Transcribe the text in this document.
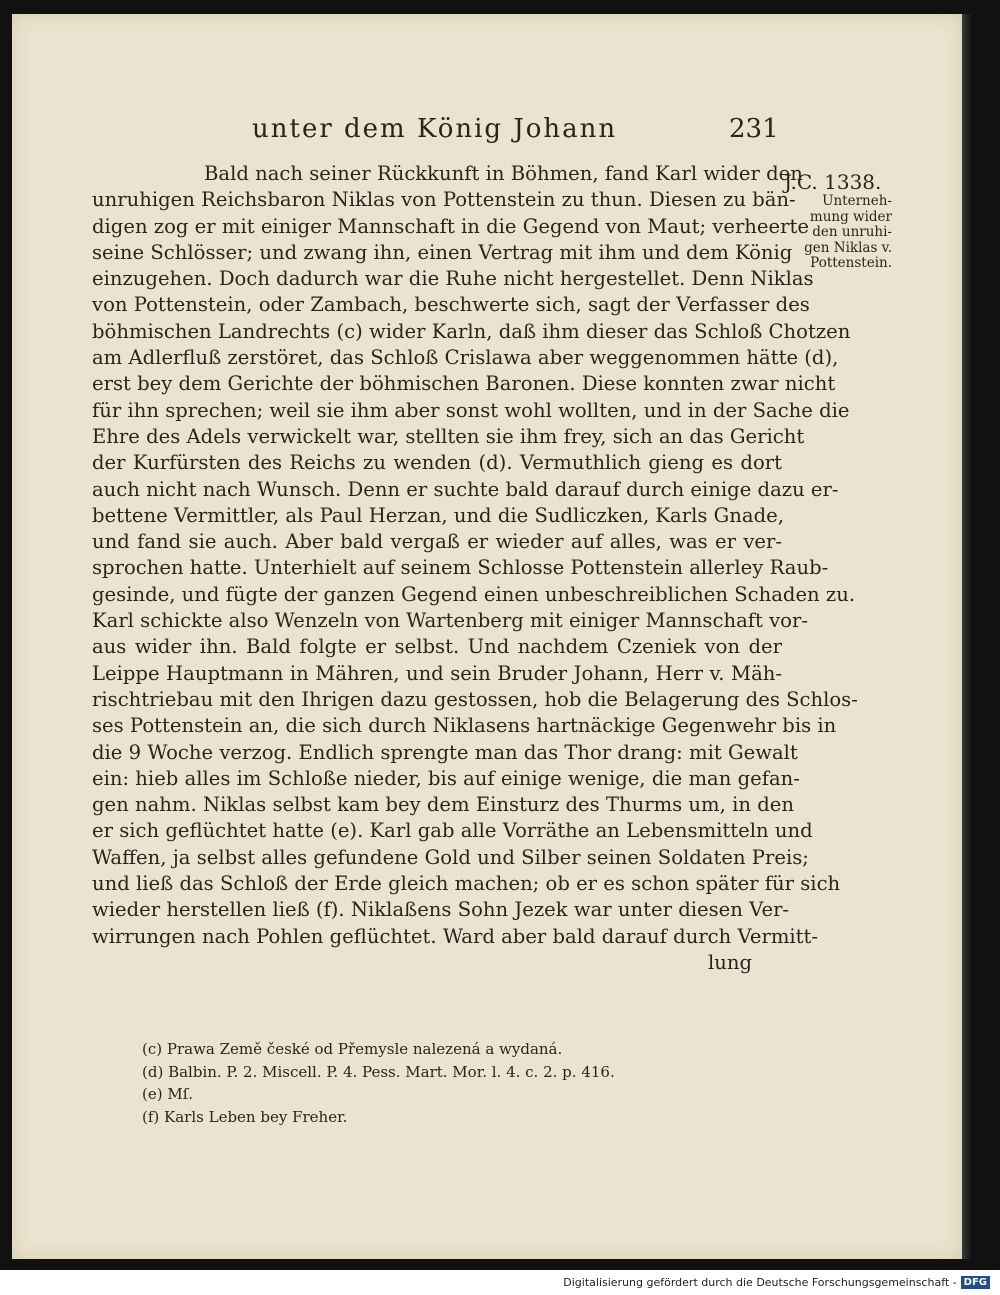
unter dem König Johann	231
Bald nach seiner Rückkunft in Böhmen, fand Karl wider den
unruhigen Reichsbaron Niklas von Pottenstein zu thun. Diesen zu bän-
digen zog er mit einiger Mannschaft in die Gegend von Maut; verheerte
seine Schlösser; und zwang ihn, einen Vertrag mit ihm und dem König
einzugehen. Doch dadurch war die Ruhe nicht hergestellet. Denn Niklas
von Pottenstein, oder Zambach, beschwerte sich, sagt der Verfasser des
böhmischen Landrechts (c) wider Karln, daß ihm dieser das Schloß Chotzen
am Adlerfluß zerstöret, das Schloß Crislawa aber weggenommen hätte (d),
erst bey dem Gerichte der böhmischen Baronen. Diese konnten zwar nicht
für ihn sprechen; weil sie ihm aber sonst wohl wollten, und in der Sache die
Ehre des Adels verwickelt war, stellten sie ihm frey, sich an das Gericht
der Kurfürsten des Reichs zu wenden (d). Vermuthlich gieng es dort
auch nicht nach Wunsch. Denn er suchte bald darauf durch einige dazu er-
bettene Vermittler, als Paul Herzan, und die Sudliczken, Karls Gnade,
und fand sie auch. Aber bald vergaß er wieder auf alles, was er ver-
sprochen hatte. Unterhielt auf seinem Schlosse Pottenstein allerley Raub-
gesinde, und fügte der ganzen Gegend einen unbeschreiblichen Schaden zu.
Karl schickte also Wenzeln von Wartenberg mit einiger Mannschaft vor-
aus wider ihn. Bald folgte er selbst. Und nachdem Czeniek von der
Leippe Hauptmann in Mähren, und sein Bruder Johann, Herr v. Mäh-
rischtriebau mit den Ihrigen dazu gestossen, hob die Belagerung des Schlos-
ses Pottenstein an, die sich durch Niklasens hartnäckige Gegenwehr bis in
die 9 Woche verzog. Endlich sprengte man das Thor drang: mit Gewalt
ein: hieb alles im Schloße nieder, bis auf einige wenige, die man gefan-
gen nahm. Niklas selbst kam bey dem Einsturz des Thurms um, in den
er sich geflüchtet hatte (e). Karl gab alle Vorräthe an Lebensmitteln und
Waffen, ja selbst alles gefundene Gold und Silber seinen Soldaten Preis;
und ließ das Schloß der Erde gleich machen; ob er es schon später für sich
wieder herstellen ließ (f). Niklaßens Sohn Jezek war unter diesen Ver-
wirrungen nach Pohlen geflüchtet. Ward aber bald darauf durch Vermitt-
lung
J.C. 1338.
Unterneh-
mung wider
den unruhi-
gen Niklas v.
Pottenstein.
(c) Prawa Země české od Přemysle nalezená a wydaná.
(d) Balbin. P. 2. Miscell. P. 4. Pess. Mart. Mor. l. 4. c. 2. p. 416.
(e) Mſ.
(f) Karls Leben bey Freher.
Digitalisierung gefördert durch die Deutsche Forschungsgemeinschaft - DFG
